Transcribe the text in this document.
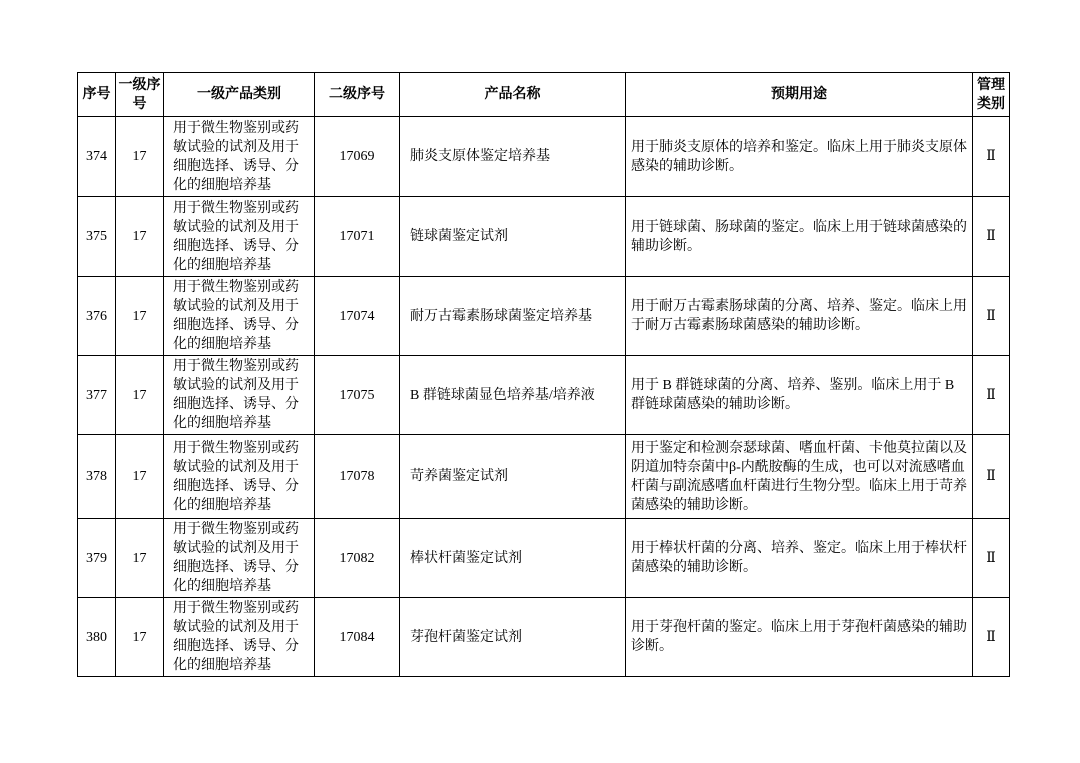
序号	一级序号	一级产品类别	二级序号	产品名称	预期用途	管理类别
374	17	用于微生物鉴别或药敏试验的试剂及用于细胞选择、诱导、分化的细胞培养基	17069	肺炎支原体鉴定培养基	用于肺炎支原体的培养和鉴定。临床上用于肺炎支原体感染的辅助诊断。	Ⅱ
375	17	用于微生物鉴别或药敏试验的试剂及用于细胞选择、诱导、分化的细胞培养基	17071	链球菌鉴定试剂	用于链球菌、肠球菌的鉴定。临床上用于链球菌感染的辅助诊断。	Ⅱ
376	17	用于微生物鉴别或药敏试验的试剂及用于细胞选择、诱导、分化的细胞培养基	17074	耐万古霉素肠球菌鉴定培养基	用于耐万古霉素肠球菌的分离、培养、鉴定。临床上用于耐万古霉素肠球菌感染的辅助诊断。	Ⅱ
377	17	用于微生物鉴别或药敏试验的试剂及用于细胞选择、诱导、分化的细胞培养基	17075	B 群链球菌显色培养基/培养液	用于 B 群链球菌的分离、培养、鉴别。临床上用于 B 群链球菌感染的辅助诊断。	Ⅱ
378	17	用于微生物鉴别或药敏试验的试剂及用于细胞选择、诱导、分化的细胞培养基	17078	苛养菌鉴定试剂	用于鉴定和检测奈瑟球菌、嗜血杆菌、卡他莫拉菌以及阴道加特奈菌中β-内酰胺酶的生成，也可以对流感嗜血杆菌与副流感嗜血杆菌进行生物分型。临床上用于苛养菌感染的辅助诊断。	Ⅱ
379	17	用于微生物鉴别或药敏试验的试剂及用于细胞选择、诱导、分化的细胞培养基	17082	棒状杆菌鉴定试剂	用于棒状杆菌的分离、培养、鉴定。临床上用于棒状杆菌感染的辅助诊断。	Ⅱ
380	17	用于微生物鉴别或药敏试验的试剂及用于细胞选择、诱导、分化的细胞培养基	17084	芽孢杆菌鉴定试剂	用于芽孢杆菌的鉴定。临床上用于芽孢杆菌感染的辅助诊断。	Ⅱ
